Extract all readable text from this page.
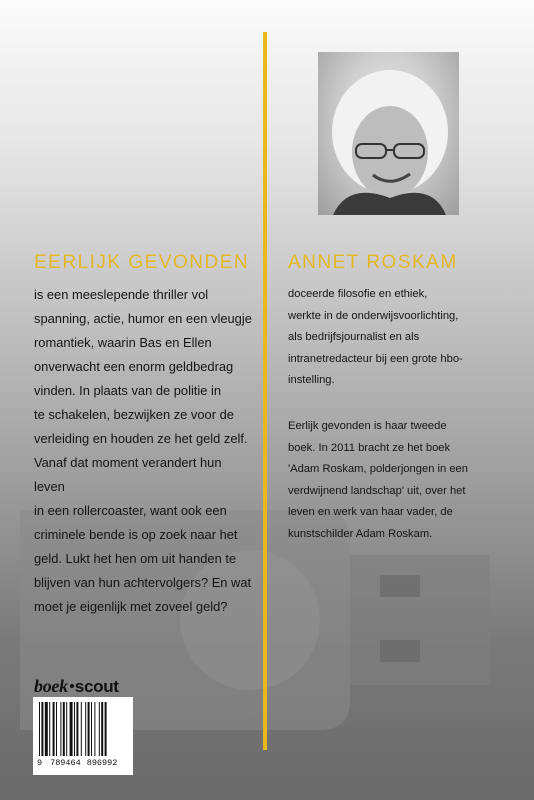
EERLIJK GEVONDEN ANNET ROSKAM

is een meeslepende thriller vol
spanning, actie, humor en een vleugje
romantiek, waarin Bas en Ellen
onverwacht een enorm geldbedrag
vinden. In plaats van de politie in
te schakelen, bezwijken ze voor de
verleiding en houden ze het geld zelf.
Vanaf dat moment verandert hun leven
in een rollercoaster, want ook een
criminele bende is op zoek naar het
geld. Lukt het hen om uit handen te
blijven van hun achtervolgers? En wat
moet je eigenlijk met zoveel geld?

doceerde filosofie en ethiek,
werkte in de onderwijsvoorlichting,
als bedrijfsjournalist en als
intranetredacteur bij een grote hbo-
instelling.

Eerlijk gevonden is haar tweede
boek. In 2011 bracht ze het boek
'Adam Roskam, polderjongen in een
verdwijnend landschap' uit, over het
leven en werk van haar vader, de
kunstschilder Adam Roskam.

boek scout
9 789464 896992
